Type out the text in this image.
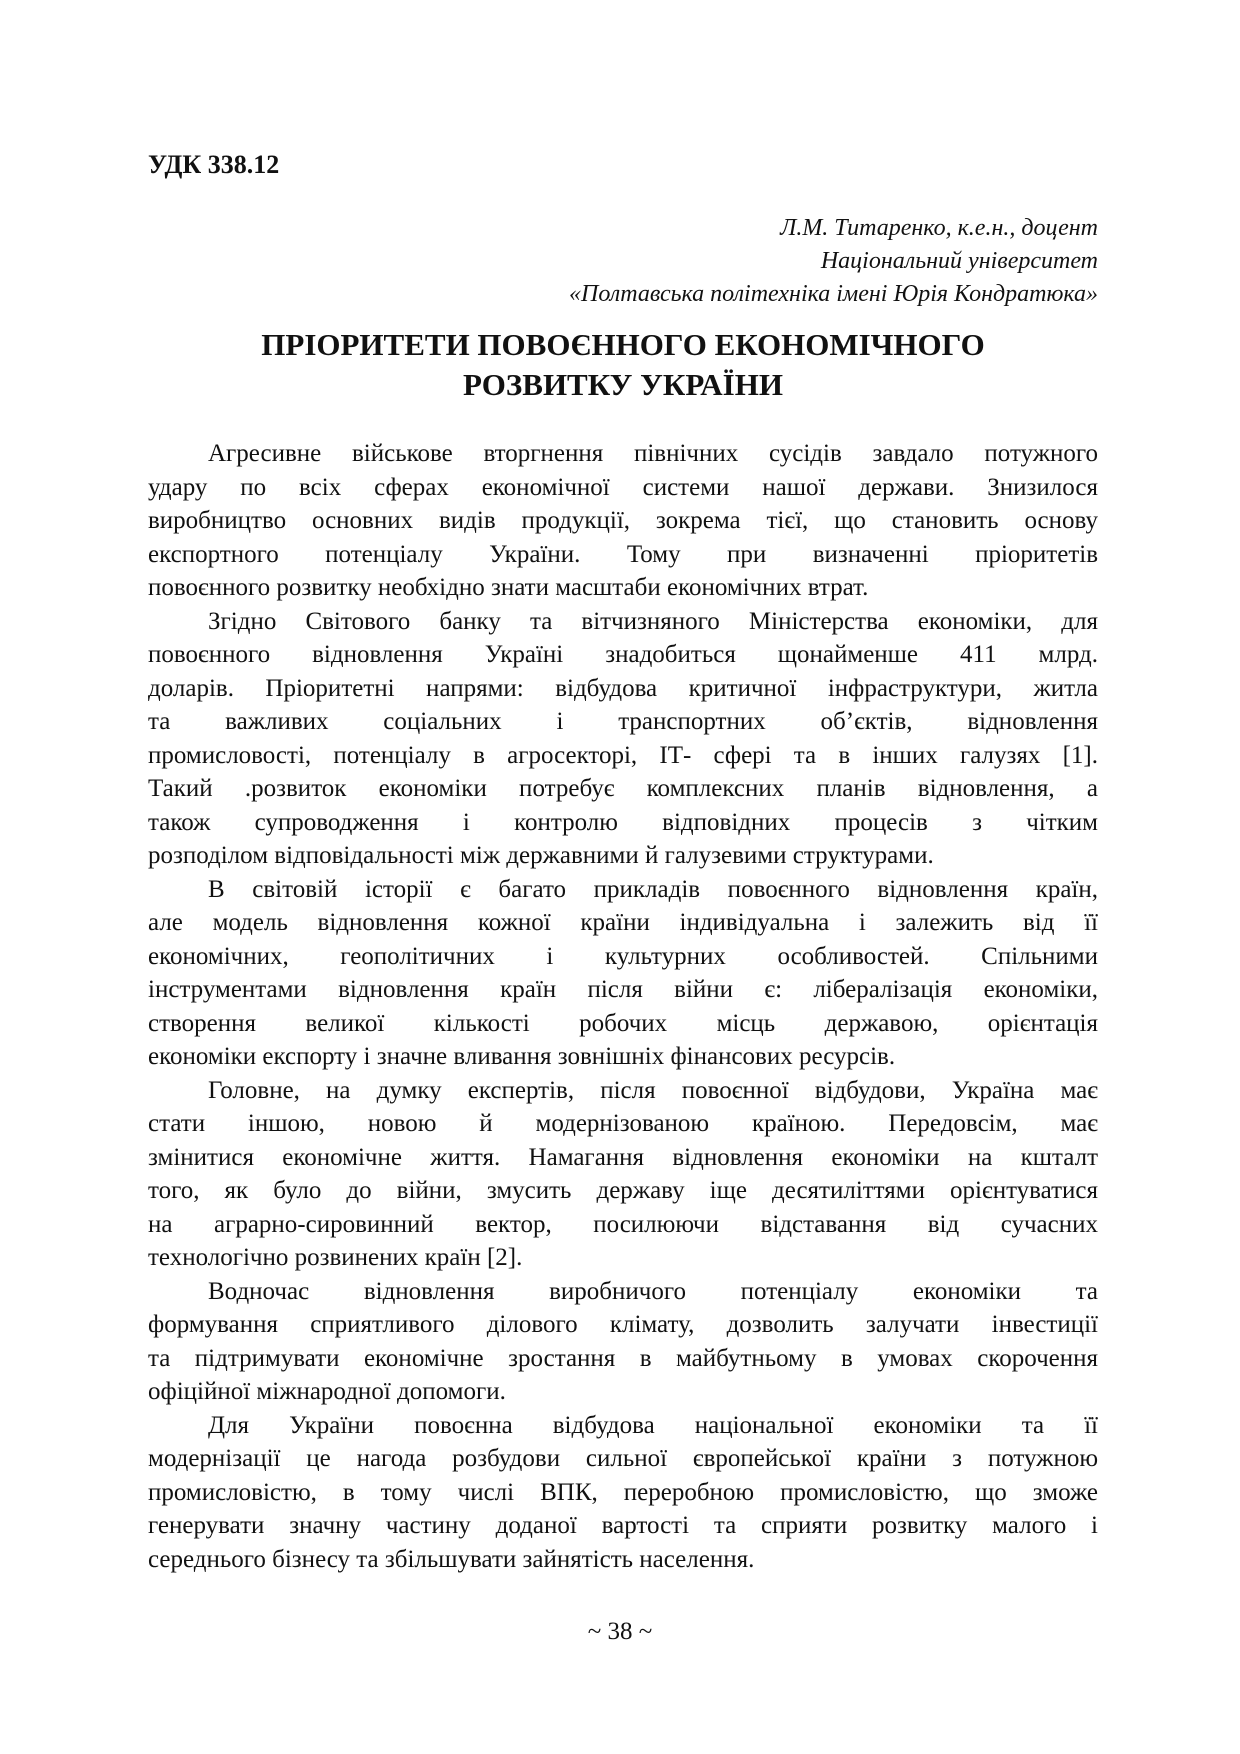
УДК 338.12
Л.М. Титаренко, к.е.н., доцент
Національний університет
«Полтавська політехніка імені Юрія Кондратюка»
ПРІОРИТЕТИ ПОВОЄННОГО ЕКОНОМІЧНОГО
РОЗВИТКУ УКРАЇНИ
Агресивне військове вторгнення північних сусідів завдало потужного
удару по всіх сферах економічної системи нашої держави. Знизилося
виробництво основних видів продукції, зокрема тієї, що становить основу
експортного потенціалу України. Тому при визначенні пріоритетів
повоєнного розвитку необхідно знати масштаби економічних втрат.
Згідно Світового банку та вітчизняного Міністерства економіки, для
повоєнного відновлення Україні знадобиться щонайменше 411 млрд.
доларів. Пріоритетні напрями: відбудова критичної інфраструктури, житла
та важливих соціальних і транспортних об’єктів, відновлення
промисловості, потенціалу в агросекторі, ІТ- сфері та в інших галузях [1].
Такий .розвиток економіки потребує комплексних планів відновлення, а
також супроводження і контролю відповідних процесів з чітким
розподілом відповідальності між державними й галузевими структурами.
В світовій історії є багато прикладів повоєнного відновлення країн,
але модель відновлення кожної країни індивідуальна і залежить від її
економічних, геополітичних і культурних особливостей. Спільними
інструментами відновлення країн після війни є: лібералізація економіки,
створення великої кількості робочих місць державою, орієнтація
економіки експорту і значне вливання зовнішніх фінансових ресурсів.
Головне, на думку експертів, після повоєнної відбудови, Україна має
стати іншою, новою й модернізованою країною. Передовсім, має
змінитися економічне життя. Намагання відновлення економіки на кшталт
того, як було до війни, змусить державу іще десятиліттями орієнтуватися
на аграрно-сировинний вектор, посилюючи відставання від сучасних
технологічно розвинених країн [2].
Водночас відновлення виробничого потенціалу економіки та
формування сприятливого ділового клімату, дозволить залучати інвестиції
та підтримувати економічне зростання в майбутньому в умовах скорочення
офіційної міжнародної допомоги.
Для України повоєнна відбудова національної економіки та її
модернізації це нагода розбудови сильної європейської країни з потужною
промисловістю, в тому числі ВПК, переробною промисловістю, що зможе
генерувати значну частину доданої вартості та сприяти розвитку малого і
середнього бізнесу та збільшувати зайнятість населення.
~ 38 ~
